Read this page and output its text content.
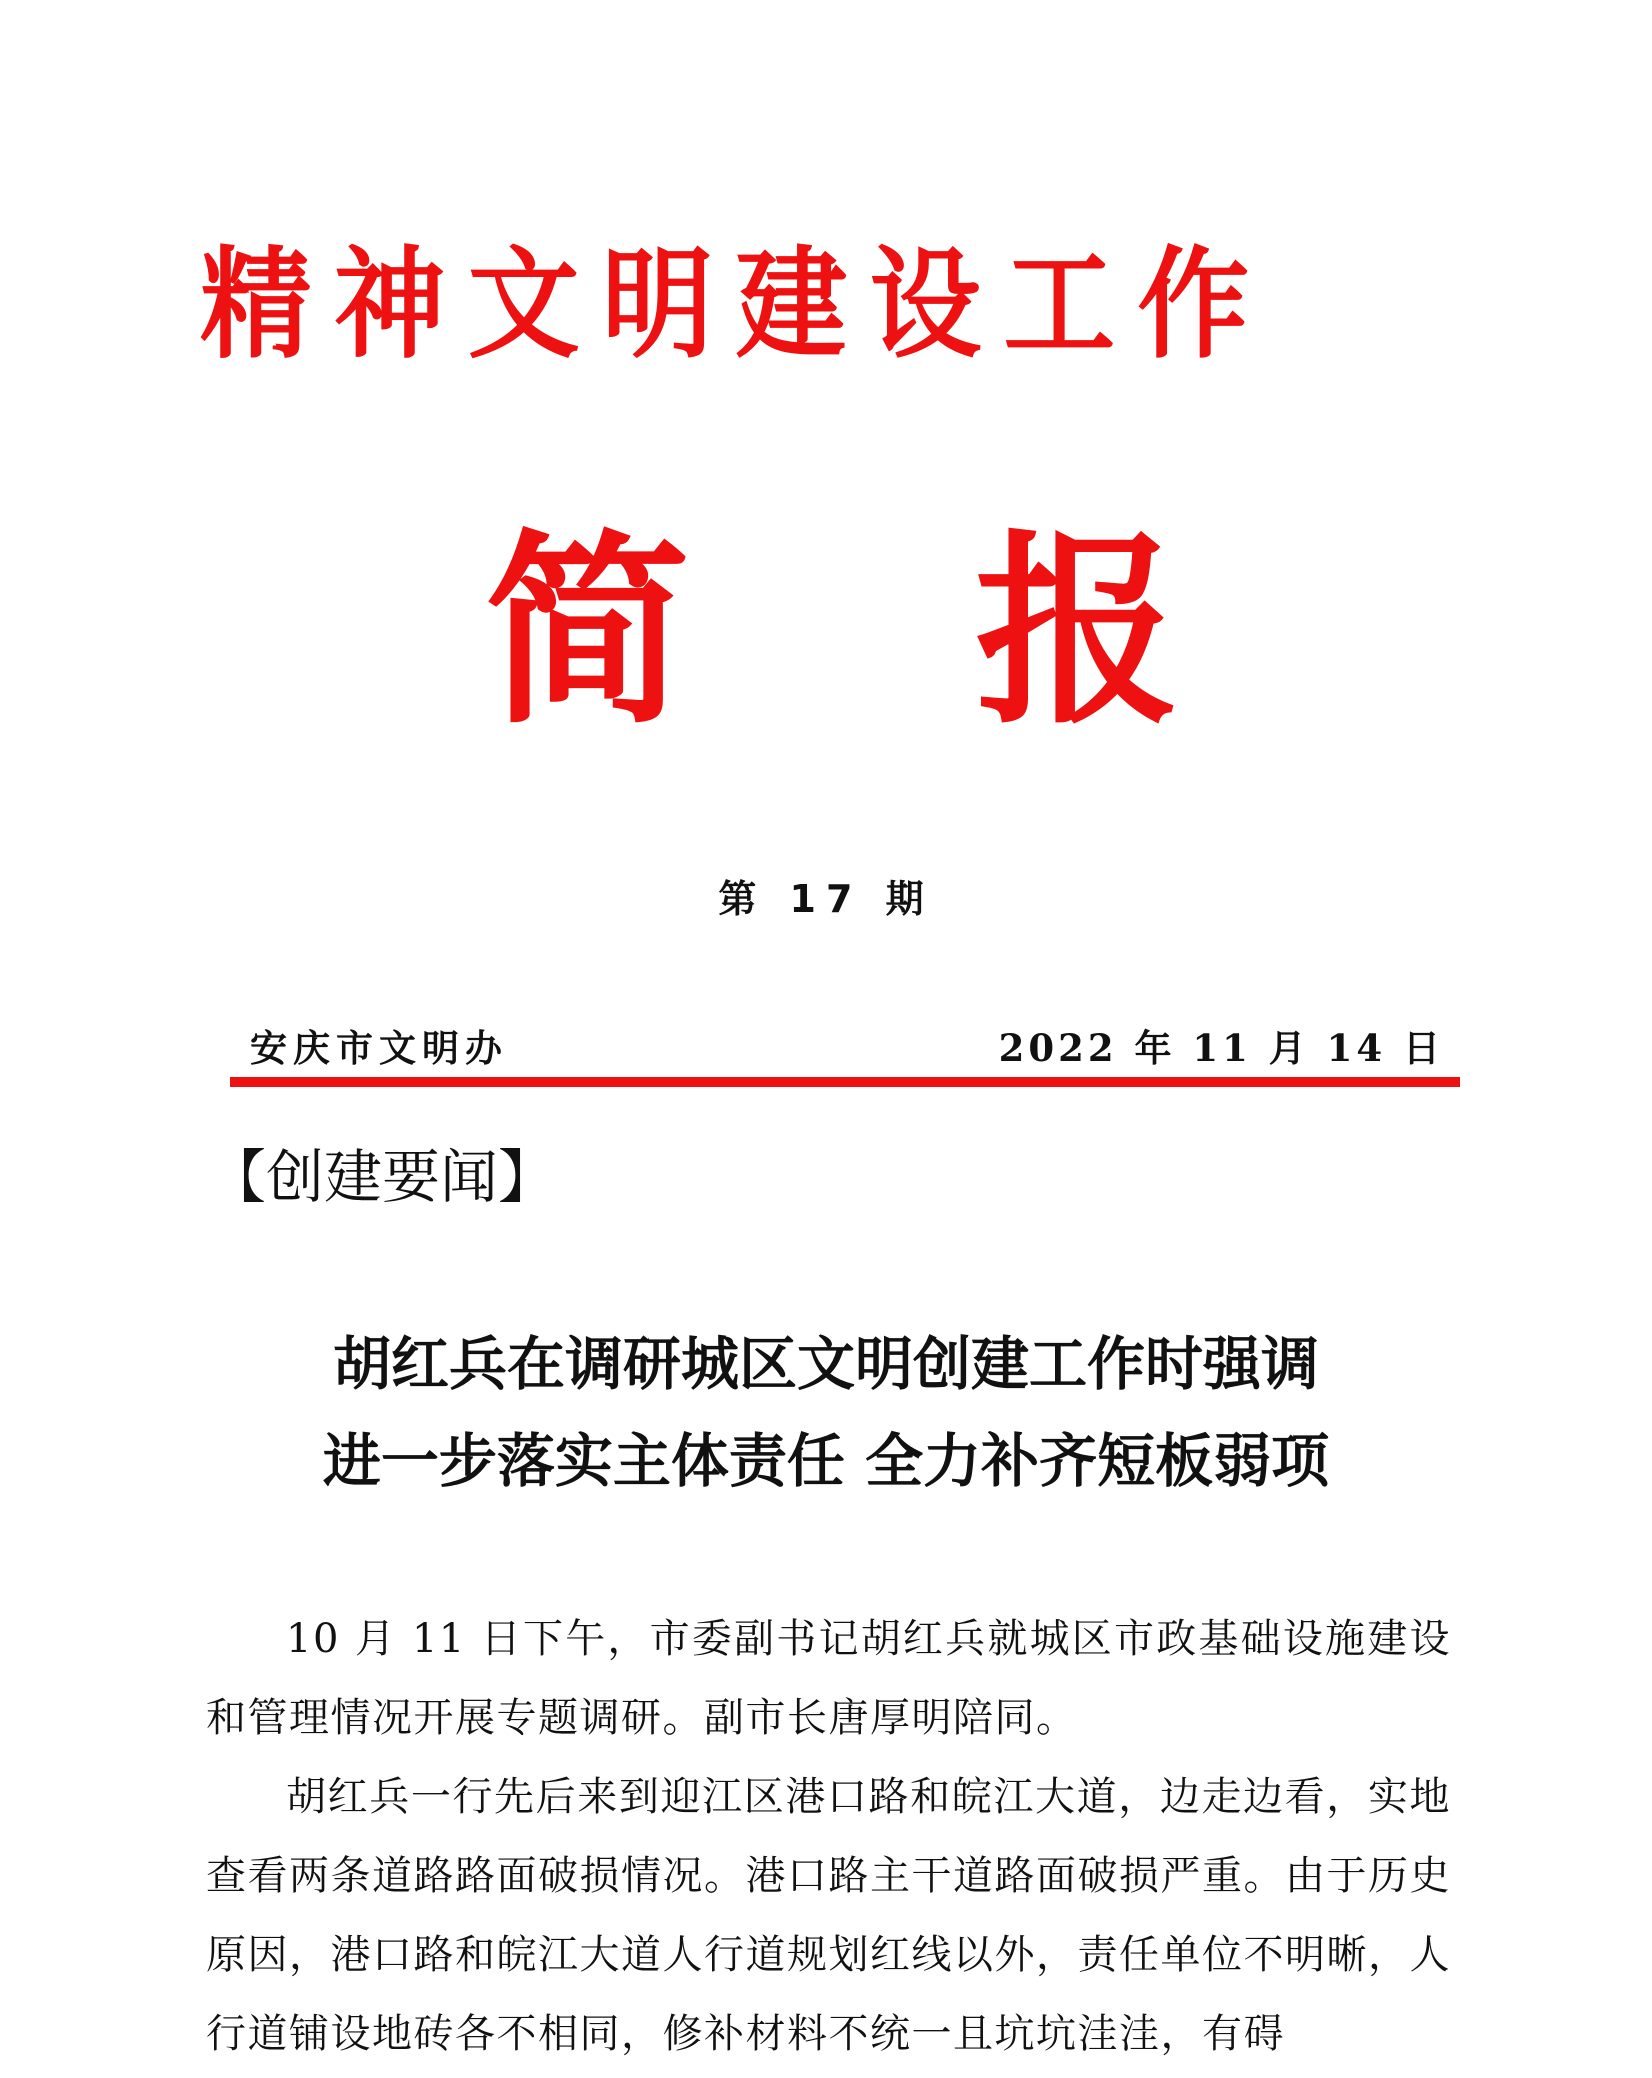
精神文明建设工作
简 报
第 17 期
安庆市文明办	2022 年 11 月 14 日
【创建要闻】
胡红兵在调研城区文明创建工作时强调
进一步落实主体责任 全力补齐短板弱项

10 月 11 日下午，市委副书记胡红兵就城区市政基础设施建设和管理情况开展专题调研。副市长唐厚明陪同。

胡红兵一行先后来到迎江区港口路和皖江大道，边走边看，实地查看两条道路路面破损情况。港口路主干道路面破损严重。由于历史原因，港口路和皖江大道人行道规划红线以外，责任单位不明晰，人行道铺设地砖各不相同，修补材料不统一且坑坑洼洼，有碍
